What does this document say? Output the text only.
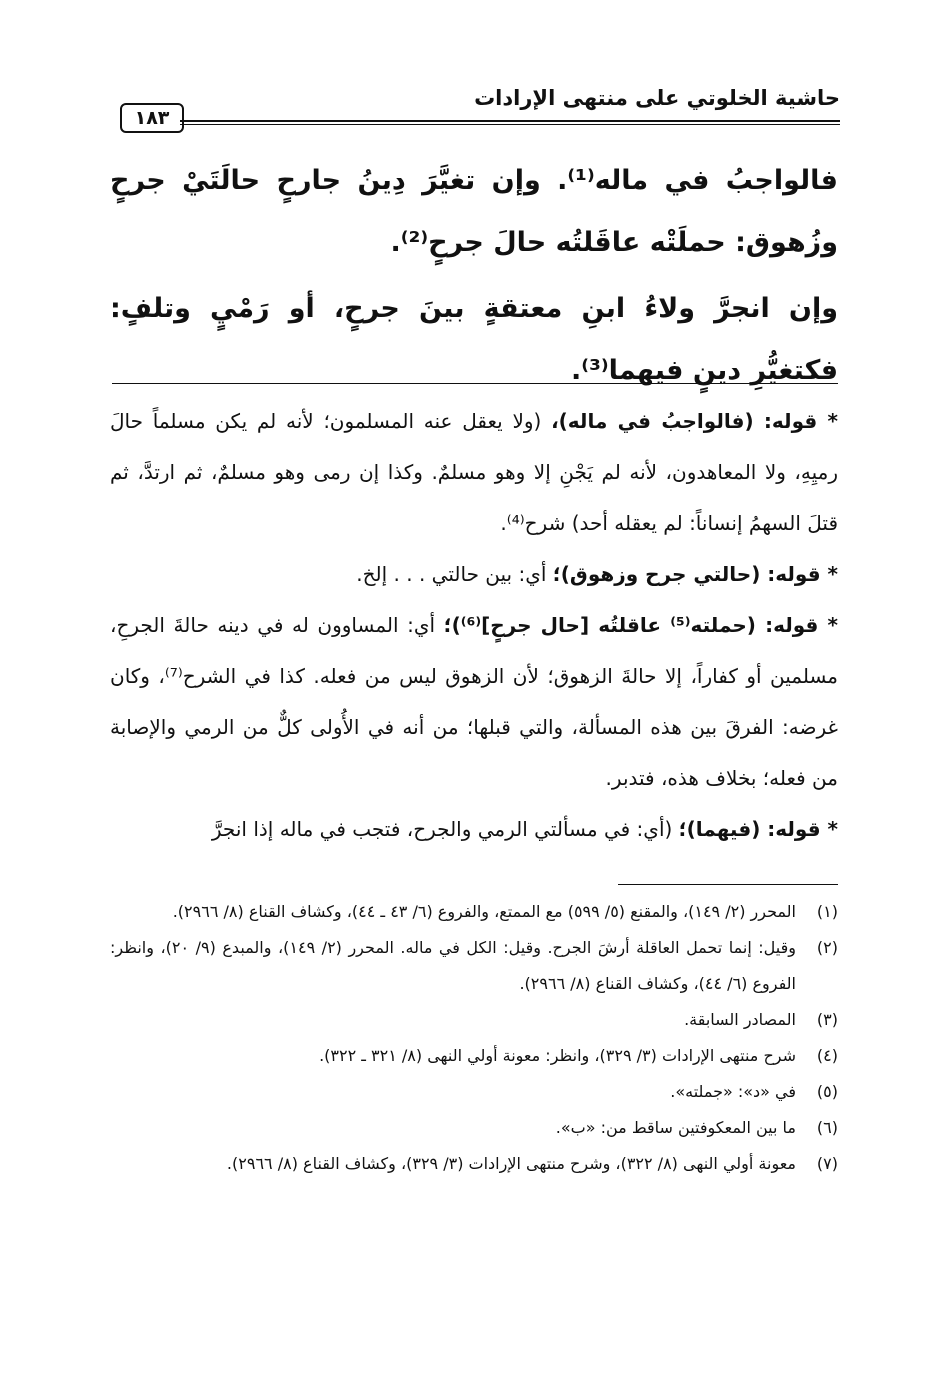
حاشية الخلوتي على منتهى الإرادات
١٨٣

فالواجبُ في ماله⁽¹⁾. وإن تغيَّرَ دِينُ جارحٍ حالَتَيْ جرحٍ وزُهوق: حملَتْه عاقَلتُه حالَ جرحٍ⁽²⁾.

وإن انجرَّ ولاءُ ابنِ معتقةٍ بينَ جرحٍ، أو رَمْيٍ وتلفٍ: فكتغيُّرِ دينٍ فيهما⁽³⁾.

* قوله: (فالواجبُ في ماله)، (ولا يعقل عنه المسلمون؛ لأنه لم يكن مسلماً حالَ رميِهِ، ولا المعاهدون، لأنه لم يَجْنِ إلا وهو مسلمٌ. وكذا إن رمى وهو مسلمٌ، ثم ارتدَّ، ثم قتلَ السهمُ إنساناً: لم يعقله أحد) شرح⁽⁴⁾.

* قوله: (حالتي جرح وزهوق)؛ أي: بين حالتي . . . إلخ.

* قوله: (حملته⁽⁵⁾ عاقلتُه [حال جرحٍ]⁽⁶⁾)؛ أي: المساوون له في دينه حالةَ الجرحِ، مسلمين أو كفاراً، إلا حالةَ الزهوق؛ لأن الزهوق ليس من فعله. كذا في الشرح⁽⁷⁾، وكان غرضه: الفرقَ بين هذه المسألة، والتي قبلها؛ من أنه في الأُولى كلٌّ من الرمي والإصابة من فعله؛ بخلاف هذه، فتدبر.

* قوله: (فيهما)؛ (أي: في مسألتي الرمي والجرح، فتجب في ماله إذا انجرَّ

(١)
المحرر (٢/ ١٤٩)، والمقنع (٥/ ٥٩٩) مع الممتع، والفروع (٦/ ٤٣ ـ ٤٤)، وكشاف القناع (٨/ ٢٩٦٦).
(٢)
وقيل: إنما تحمل العاقلة أرشَ الجرح. وقيل: الكل في ماله. المحرر (٢/ ١٤٩)، والمبدع (٩/ ٢٠)، وانظر: الفروع (٦/ ٤٤)، وكشاف القناع (٨/ ٢٩٦٦).
(٣)
المصادر السابقة.
(٤)
شرح منتهى الإرادات (٣/ ٣٢٩)، وانظر: معونة أولي النهى (٨/ ٣٢١ ـ ٣٢٢).
(٥)
في «د»: «جملته».
(٦)
ما بين المعكوفتين ساقط من: «ب».
(٧)
معونة أولي النهى (٨/ ٣٢٢)، وشرح منتهى الإرادات (٣/ ٣٢٩)، وكشاف القناع (٨/ ٢٩٦٦).
